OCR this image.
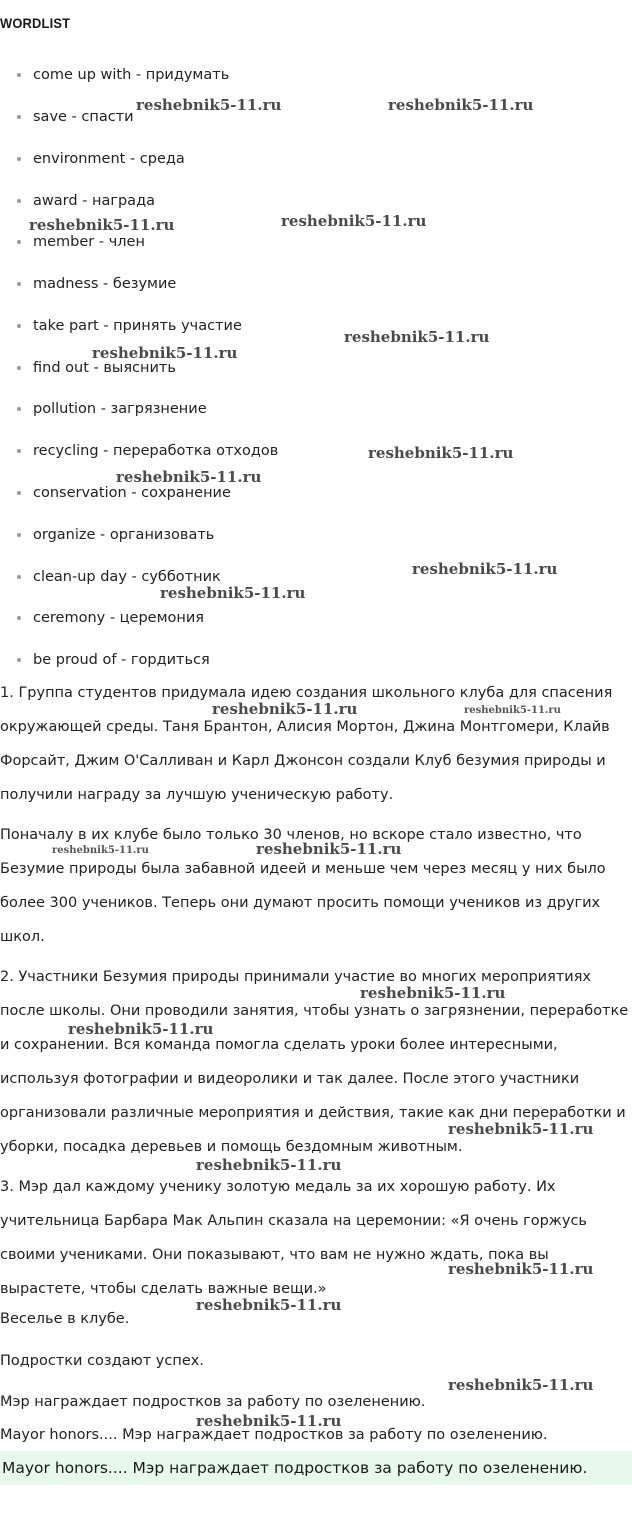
WORDLIST
come up with - придумать
save - спасти
environment - среда
award - награда
member - член
madness - безумие
take part - принять участие
find out - выяснить
pollution - загрязнение
recycling - переработка отходов
conservation - сохранение
organize - организовать
clean-up day - субботник
ceremony - церемония
be proud of - гордиться

1. Группа студентов придумала идею создания школьного клуба для спасения окружающей среды. Таня Брантон, Алисия Мортон, Джина Монтгомери, Клайв Форсайт, Джим О'Салливан и Карл Джонсон создали Клуб безумия природы и получили награду за лучшую ученическую работу.

Поначалу в их клубе было только 30 членов, но вскоре стало известно, что Безумие природы была забавной идеей и меньше чем через месяц у них было более 300 учеников. Теперь они думают просить помощи учеников из других школ.

2. Участники Безумия природы принимали участие во многих мероприятиях после школы. Они проводили занятия, чтобы узнать о загрязнении, переработке и сохранении. Вся команда помогла сделать уроки более интересными, используя фотографии и видеоролики и так далее. После этого участники организовали различные мероприятия и действия, такие как дни переработки и уборки, посадка деревьев и помощь бездомным животным.

3. Мэр дал каждому ученику золотую медаль за их хорошую работу. Их учительница Барбара Мак Альпин сказала на церемонии: «Я очень горжусь своими учениками. Они показывают, что вам не нужно ждать, пока вы вырастете, чтобы сделать важные вещи.»

Веселье в клубе.
Подростки создают успех.
Мэр награждает подростков за работу по озеленению.
Mayor honors.... Мэр награждает подростков за работу по озеленению.
Mayor honors.... Мэр награждает подростков за работу по озеленению.
reshebnik5-11.ru	reshebnik5-11.ru
reshebnik5-11.ru	reshebnik5-11.ru
reshebnik5-11.ru
reshebnik5-11.ru
reshebnik5-11.ru
reshebnik5-11.ru
reshebnik5-11.ru
reshebnik5-11.ru
reshebnik5-11.ru	reshebnik5-11.ru
reshebnik5-11.ru	reshebnik5-11.ru
reshebnik5-11.ru
reshebnik5-11.ru
reshebnik5-11.ru
reshebnik5-11.ru
reshebnik5-11.ru
reshebnik5-11.ru
reshebnik5-11.ru
reshebnik5-11.ru
